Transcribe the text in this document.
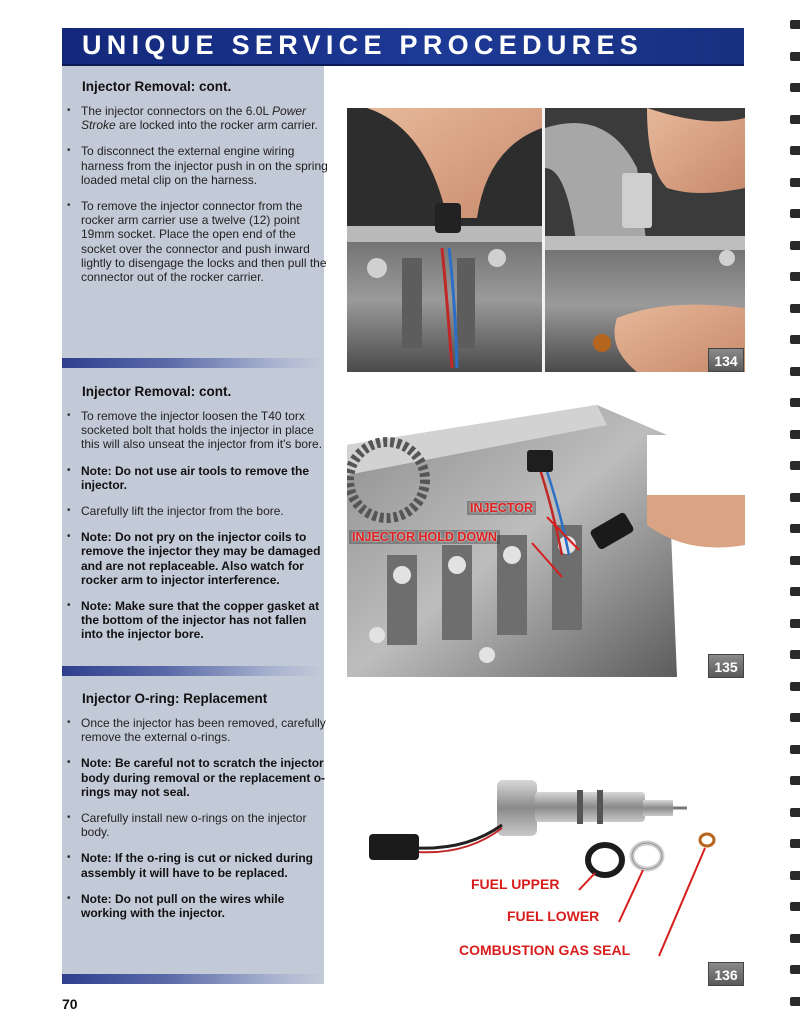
UNIQUE SERVICE PROCEDURES
Injector Removal: cont.
• The injector connectors on the 6.0L Power Stroke are locked into the rocker arm carrier.
• To disconnect the external engine wiring harness from the injector push in on the spring loaded metal clip on the harness.
• To remove the injector connector from the rocker arm carrier use a twelve (12) point 19mm socket. Place the open end of the socket over the connector and push inward lightly to disengage the locks and then pull the connector out of the rocker carrier.
Injector Removal: cont.
• To remove the injector loosen the T40 torx socketed bolt that holds the injector in place this will also unseat the injector from it's bore.
• Note: Do not use air tools to remove the injector.
• Carefully lift the injector from the bore.
• Note: Do not pry on the injector coils to remove the injector they may be damaged and are not replaceable. Also watch for rocker arm to injector interference.
• Note: Make sure that the copper gasket at the bottom of the injector has not fallen into the injector bore.
Injector O-ring: Replacement
• Once the injector has been removed, carefully remove the external o-rings.
• Note: Be careful not to scratch the injector body during removal or the replacement o-rings may not seal.
• Carefully install new o-rings on the injector body.
• Note: If the o-ring is cut or nicked during assembly it will have to be replaced.
• Note: Do not pull on the wires while working with the injector.
134
INJECTOR
INJECTOR HOLD DOWN
135
FUEL UPPER
FUEL LOWER
COMBUSTION GAS SEAL
136
70
